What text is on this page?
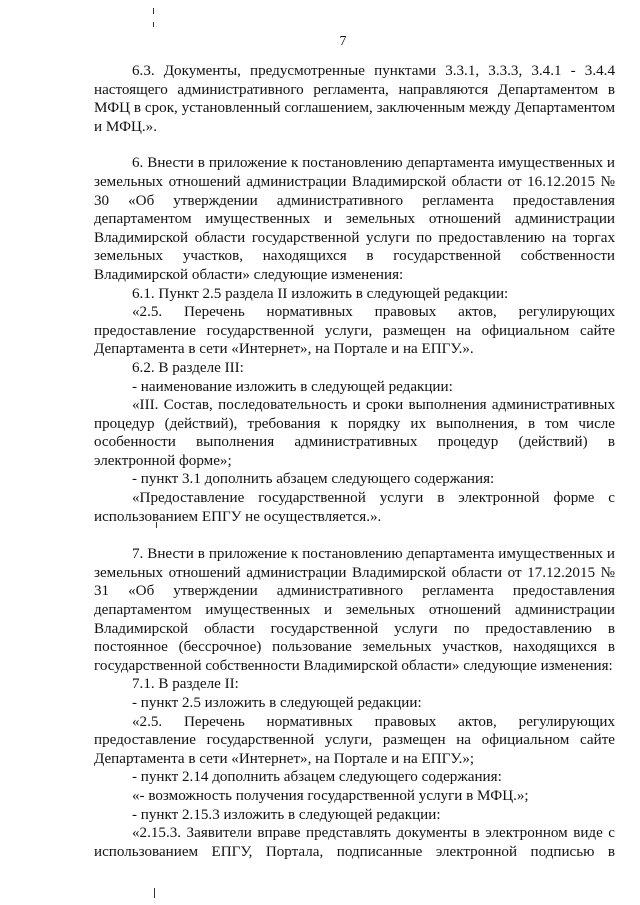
7

6.3. Документы, предусмотренные пунктами 3.3.1, 3.3.3, 3.4.1 - 3.4.4 настоящего административного регламента, направляются Департаментом в МФЦ в срок, установленный соглашением, заключенным между Департаментом и МФЦ.».

6. Внести в приложение к постановлению департамента имущественных и земельных отношений администрации Владимирской области от 16.12.2015 № 30 «Об утверждении административного регламента предоставления департаментом имущественных и земельных отношений администрации Владимирской области государственной услуги по предоставлению на торгах земельных участков, находящихся в государственной собственности Владимирской области» следующие изменения:

6.1. Пункт 2.5 раздела II изложить в следующей редакции:

«2.5. Перечень нормативных правовых актов, регулирующих предоставление государственной услуги, размещен на официальном сайте Департамента в сети «Интернет», на Портале и на ЕПГУ.».

6.2. В разделе III:

- наименование изложить в следующей редакции:

«III. Состав, последовательность и сроки выполнения административных процедур (действий), требования к порядку их выполнения, в том числе особенности выполнения административных процедур (действий) в электронной форме»;

- пункт 3.1 дополнить абзацем следующего содержания:

«Предоставление государственной услуги в электронной форме с использованием ЕПГУ не осуществляется.».

7. Внести в приложение к постановлению департамента имущественных и земельных отношений администрации Владимирской области от 17.12.2015 № 31 «Об утверждении административного регламента предоставления департаментом имущественных и земельных отношений администрации Владимирской области государственной услуги по предоставлению в постоянное (бессрочное) пользование земельных участков, находящихся в государственной собственности Владимирской области» следующие изменения:

7.1. В разделе II:

- пункт 2.5 изложить в следующей редакции:

«2.5. Перечень нормативных правовых актов, регулирующих предоставление государственной услуги, размещен на официальном сайте Департамента в сети «Интернет», на Портале и на ЕПГУ.»;

- пункт 2.14 дополнить абзацем следующего содержания:

«- возможность получения государственной услуги в МФЦ.»;

- пункт 2.15.3 изложить в следующей редакции:

«2.15.3. Заявители вправе представлять документы в электронном виде с использованием ЕПГУ, Портала, подписанные электронной подписью в
